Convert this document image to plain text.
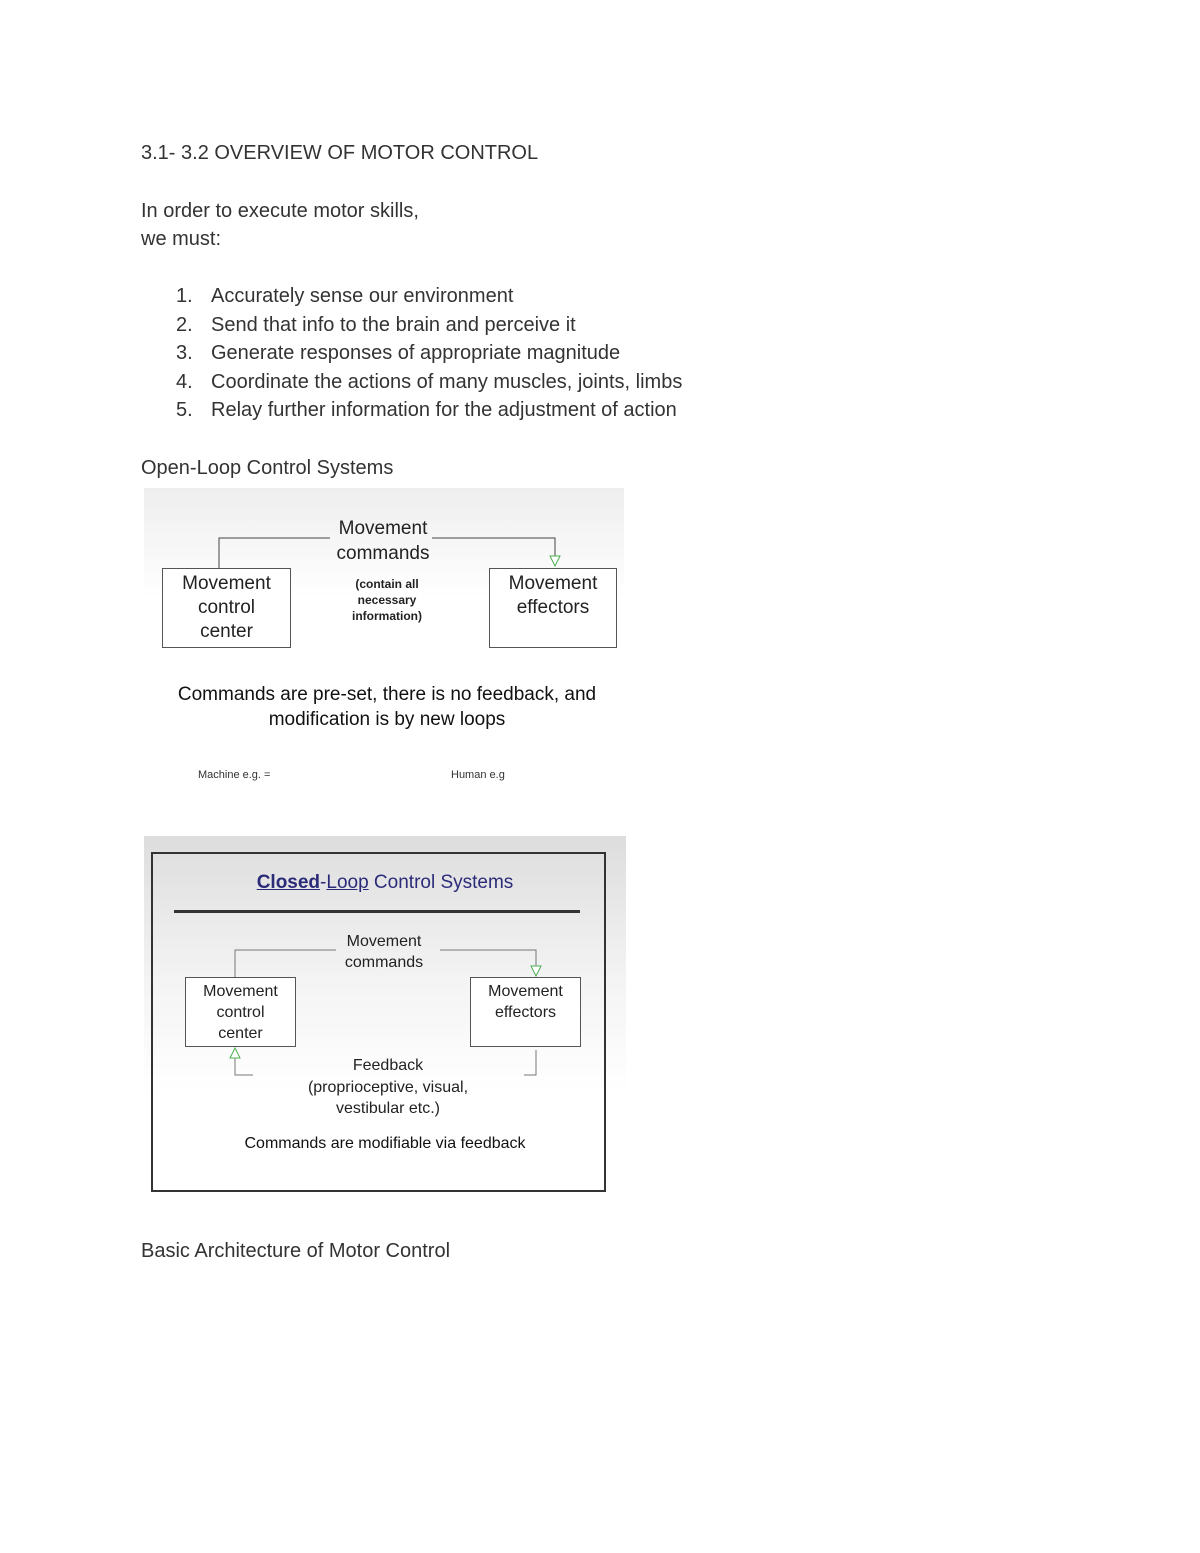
3.1- 3.2 OVERVIEW OF MOTOR CONTROL
In order to execute motor skills,
we must:
1. Accurately sense our environment
2. Send that info to the brain and perceive it
3. Generate responses of appropriate magnitude
4. Coordinate the actions of many muscles, joints, limbs
5. Relay further information for the adjustment of action
Open-Loop Control Systems
Movement
commands
Movement
control
center
Movement
effectors
(contain all
necessary
information)
Commands are pre-set, there is no feedback, and
modification is by new loops
Machine e.g. =	Human e.g
Closed-Loop Control Systems
Movement
commands
Movement
control
center
Movement
effectors
Feedback
(proprioceptive, visual,
vestibular etc.)
Commands are modifiable via feedback
Basic Architecture of Motor Control
